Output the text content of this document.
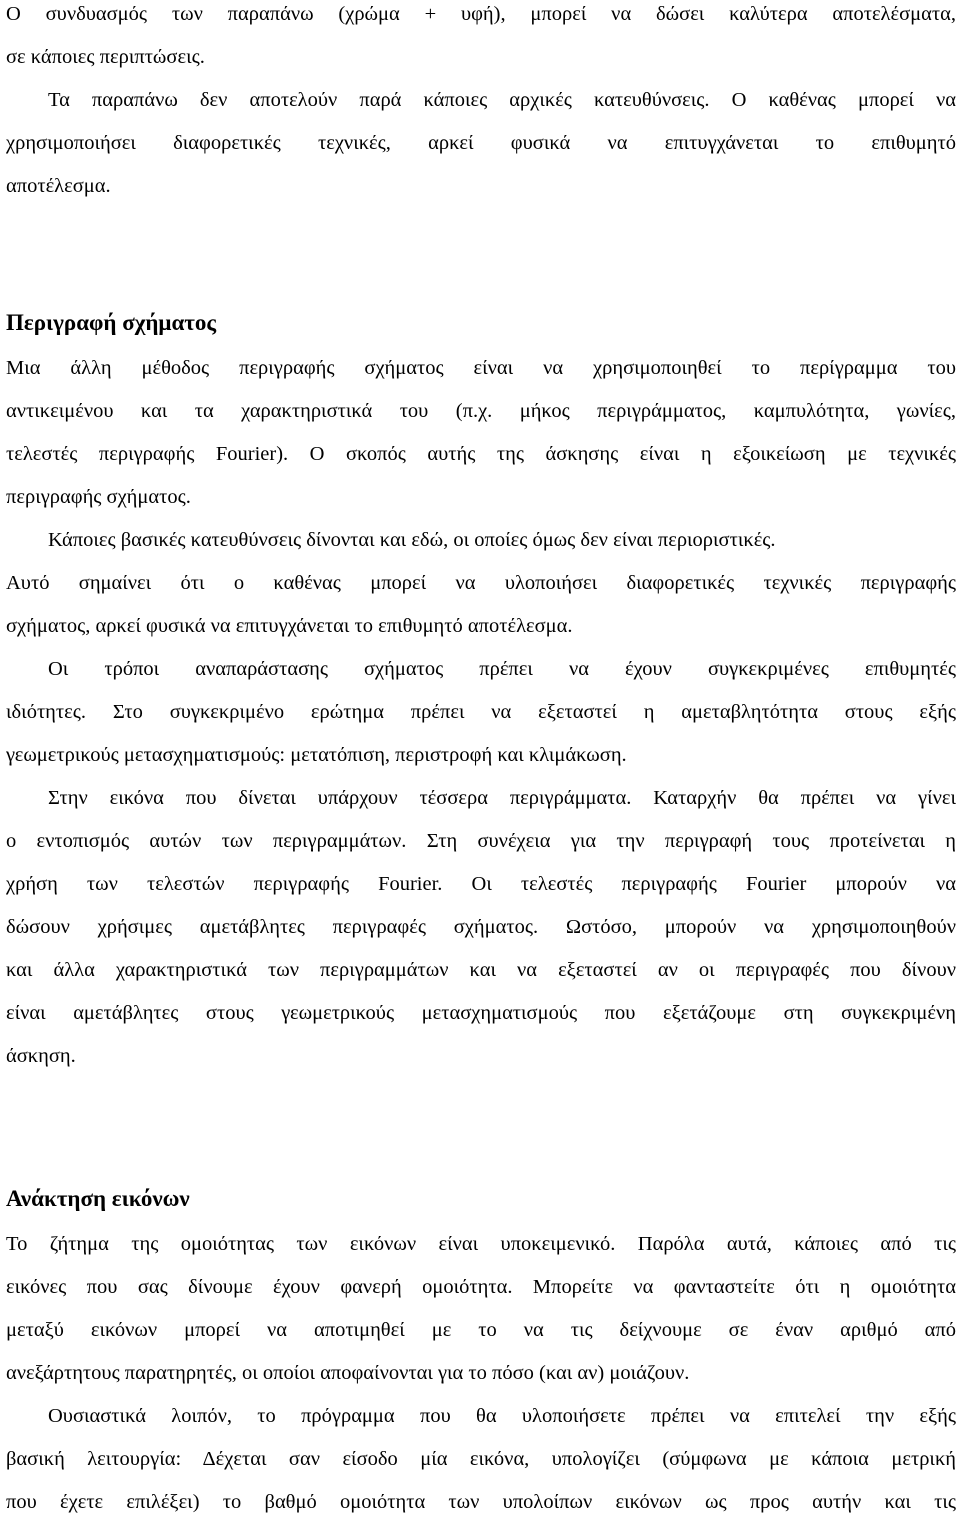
Ο συνδυασμός των παραπάνω (χρώμα + υφή), μπορεί να δώσει καλύτερα αποτελέσματα,
σε κάποιες περιπτώσεις.
Τα παραπάνω δεν αποτελούν παρά κάποιες αρχικές κατευθύνσεις. Ο καθένας μπορεί να
χρησιμοποιήσει διαφορετικές τεχνικές, αρκεί φυσικά να επιτυγχάνεται το επιθυμητό
αποτέλεσμα.
Περιγραφή σχήματος
Μια άλλη μέθοδος περιγραφής σχήματος είναι να χρησιμοποιηθεί το περίγραμμα του
αντικειμένου και τα χαρακτηριστικά του (π.χ. μήκος περιγράμματος, καμπυλότητα, γωνίες,
τελεστές περιγραφής Fourier). Ο σκοπός αυτής της άσκησης είναι η εξοικείωση με τεχνικές
περιγραφής σχήματος.
Κάποιες βασικές κατευθύνσεις δίνονται και εδώ, οι οποίες όμως δεν είναι περιοριστικές.
Αυτό σημαίνει ότι ο καθένας μπορεί να υλοποιήσει διαφορετικές τεχνικές περιγραφής
σχήματος, αρκεί φυσικά να επιτυγχάνεται το επιθυμητό αποτέλεσμα.
Οι τρόποι αναπαράστασης σχήματος πρέπει να έχουν συγκεκριμένες επιθυμητές
ιδιότητες. Στο συγκεκριμένο ερώτημα πρέπει να εξεταστεί η αμεταβλητότητα στους εξής
γεωμετρικούς μετασχηματισμούς: μετατόπιση, περιστροφή και κλιμάκωση.
Στην εικόνα που δίνεται υπάρχουν τέσσερα περιγράμματα. Καταρχήν θα πρέπει να γίνει
ο εντοπισμός αυτών των περιγραμμάτων. Στη συνέχεια για την περιγραφή τους προτείνεται η
χρήση των τελεστών περιγραφής Fourier. Οι τελεστές περιγραφής Fourier μπορούν να
δώσουν χρήσιμες αμετάβλητες περιγραφές σχήματος. Ωστόσο, μπορούν να χρησιμοποιηθούν
και άλλα χαρακτηριστικά των περιγραμμάτων και να εξεταστεί αν οι περιγραφές που δίνουν
είναι αμετάβλητες στους γεωμετρικούς μετασχηματισμούς που εξετάζουμε στη συγκεκριμένη
άσκηση.
Ανάκτηση εικόνων
Το ζήτημα της ομοιότητας των εικόνων είναι υποκειμενικό. Παρόλα αυτά, κάποιες από τις
εικόνες που σας δίνουμε έχουν φανερή ομοιότητα. Μπορείτε να φανταστείτε ότι η ομοιότητα
μεταξύ εικόνων μπορεί να αποτιμηθεί με το να τις δείχνουμε σε έναν αριθμό από
ανεξάρτητους παρατηρητές, οι οποίοι αποφαίνονται για το πόσο (και αν) μοιάζουν.
Ουσιαστικά λοιπόν, το πρόγραμμα που θα υλοποιήσετε πρέπει να επιτελεί την εξής
βασική λειτουργία: Δέχεται σαν είσοδο μία εικόνα, υπολογίζει (σύμφωνα με κάποια μετρική
που έχετε επιλέξει) το βαθμό ομοιότητα των υπολοίπων εικόνων ως προς αυτήν και τις
